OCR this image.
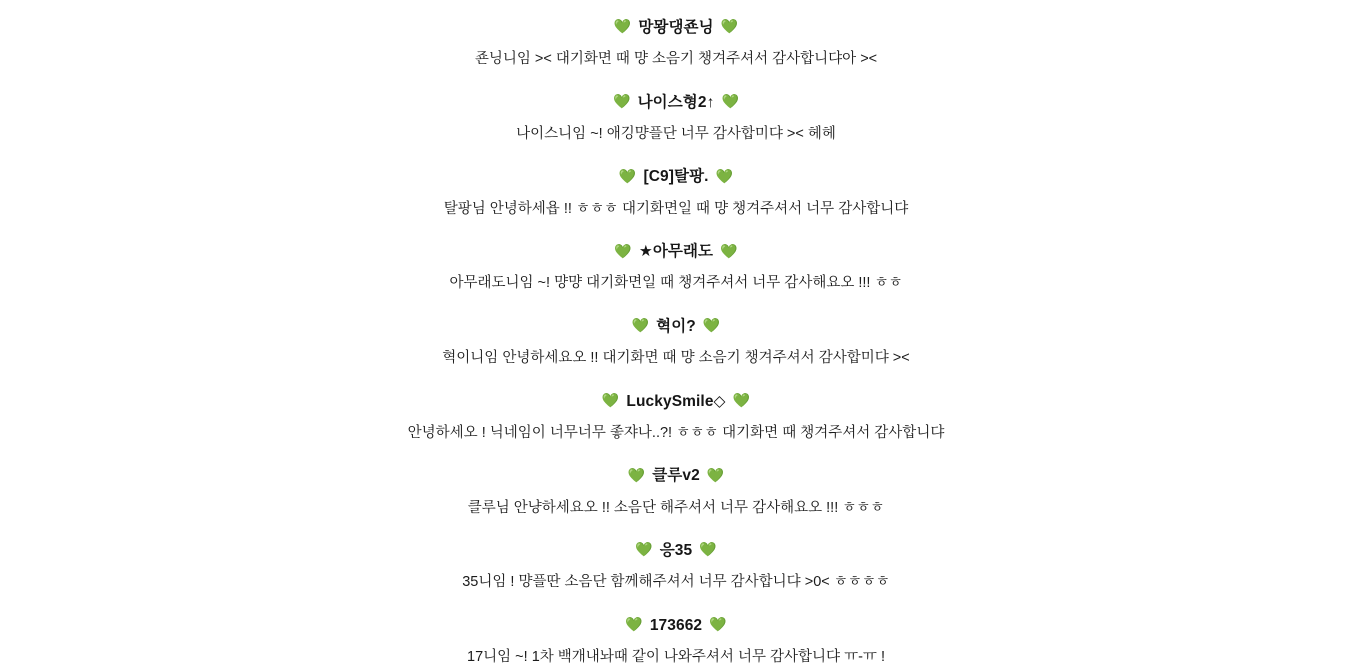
💚 망뫙댕죤닝 💚
죤닝니임 >< 대기화면 때 먕 소음기 챙겨주셔서 감사합니댜아 ><
💚 나이스형2↑ 💚
나이스니임 ~! 애깅먕플단 너무 감사합미댜 >< 헤헤
💚 [C9]탈팡. 💚
탈팡님 안녕하세욥 !! ㅎㅎㅎ 대기화면일 때 먕 챙겨주셔서 너무 감사합니댜
💚 ★아무래도 💚
아무래도니임 ~! 먕먕 대기화면일 때 챙겨주셔서 너무 감사해요오 !!! ㅎㅎ
💚 혁이? 💚
혁이니임 안녕하세요오 !! 대기화면 때 먕 소음기 챙겨주셔서 감사합미댜 ><
💚 LuckySmile◇ 💚
안녕하세오 ! 닉네임이 너무너무 좋쟈나..?! ㅎㅎㅎ 대기화면 때 챙겨주셔서 감사합니댜
💚 클루v2 💚
클루님 안냥하세요오 !! 소음단 해주셔서 너무 감사해요오 !!! ㅎㅎㅎ
💚 응35 💚
35니임 ! 먕플딴 소음단 함께해주셔서 너무 감사합니댜 >0< ㅎㅎㅎㅎ
💚 173662 💚
17니임 ~! 1차 백개내놔때 같이 나와주셔서 너무 감사합니댜 ㅠ-ㅠ !
